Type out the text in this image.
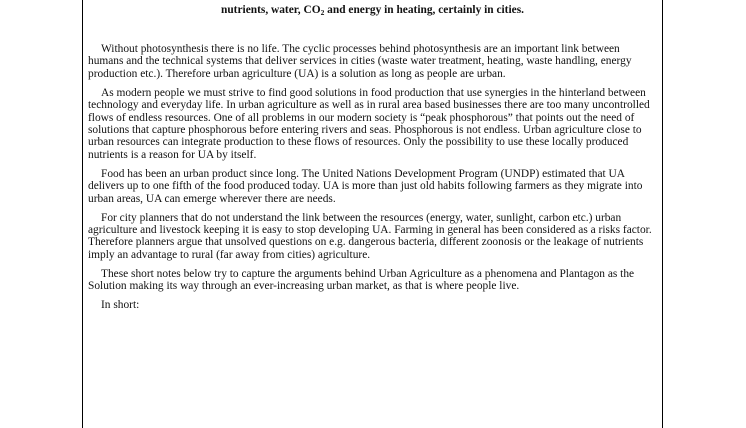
nutrients, water, $CO_2$ and energy in heating, certainly in cities.

Without photosynthesis there is no life. The cyclic processes behind photosynthesis are an important link between humans and the technical systems that deliver services in cities (waste water treatment, heating, waste handling, energy production etc.). Therefore urban agriculture (UA) is a solution as long as people are urban.

As modern people we must strive to find good solutions in food production that use synergies in the hinterland between technology and everyday life. In urban agriculture as well as in rural area based businesses there are too many uncontrolled flows of endless resources. One of all problems in our modern society is “peak phosphorous” that points out the need of solutions that capture phosphorous before entering rivers and seas. Phosphorous is not endless. Urban agriculture close to urban resources can integrate production to these flows of resources. Only the possibility to use these locally produced nutrients is a reason for UA by itself.

Food has been an urban product since long. The United Nations Development Program (UNDP) estimated that UA delivers up to one fifth of the food produced today. UA is more than just old habits following farmers as they migrate into urban areas, UA can emerge wherever there are needs.

For city planners that do not understand the link between the resources (energy, water, sunlight, carbon etc.) urban agriculture and livestock keeping it is easy to stop developing UA. Farming in general has been considered as a risks factor. Therefore planners argue that unsolved questions on e.g. dangerous bacteria, different zoonosis or the leakage of nutrients imply an advantage to rural (far away from cities) agriculture.

These short notes below try to capture the arguments behind Urban Agriculture as a phenomena and Plantagon as the Solution making its way through an ever-increasing urban market, as that is where people live.

In short:
